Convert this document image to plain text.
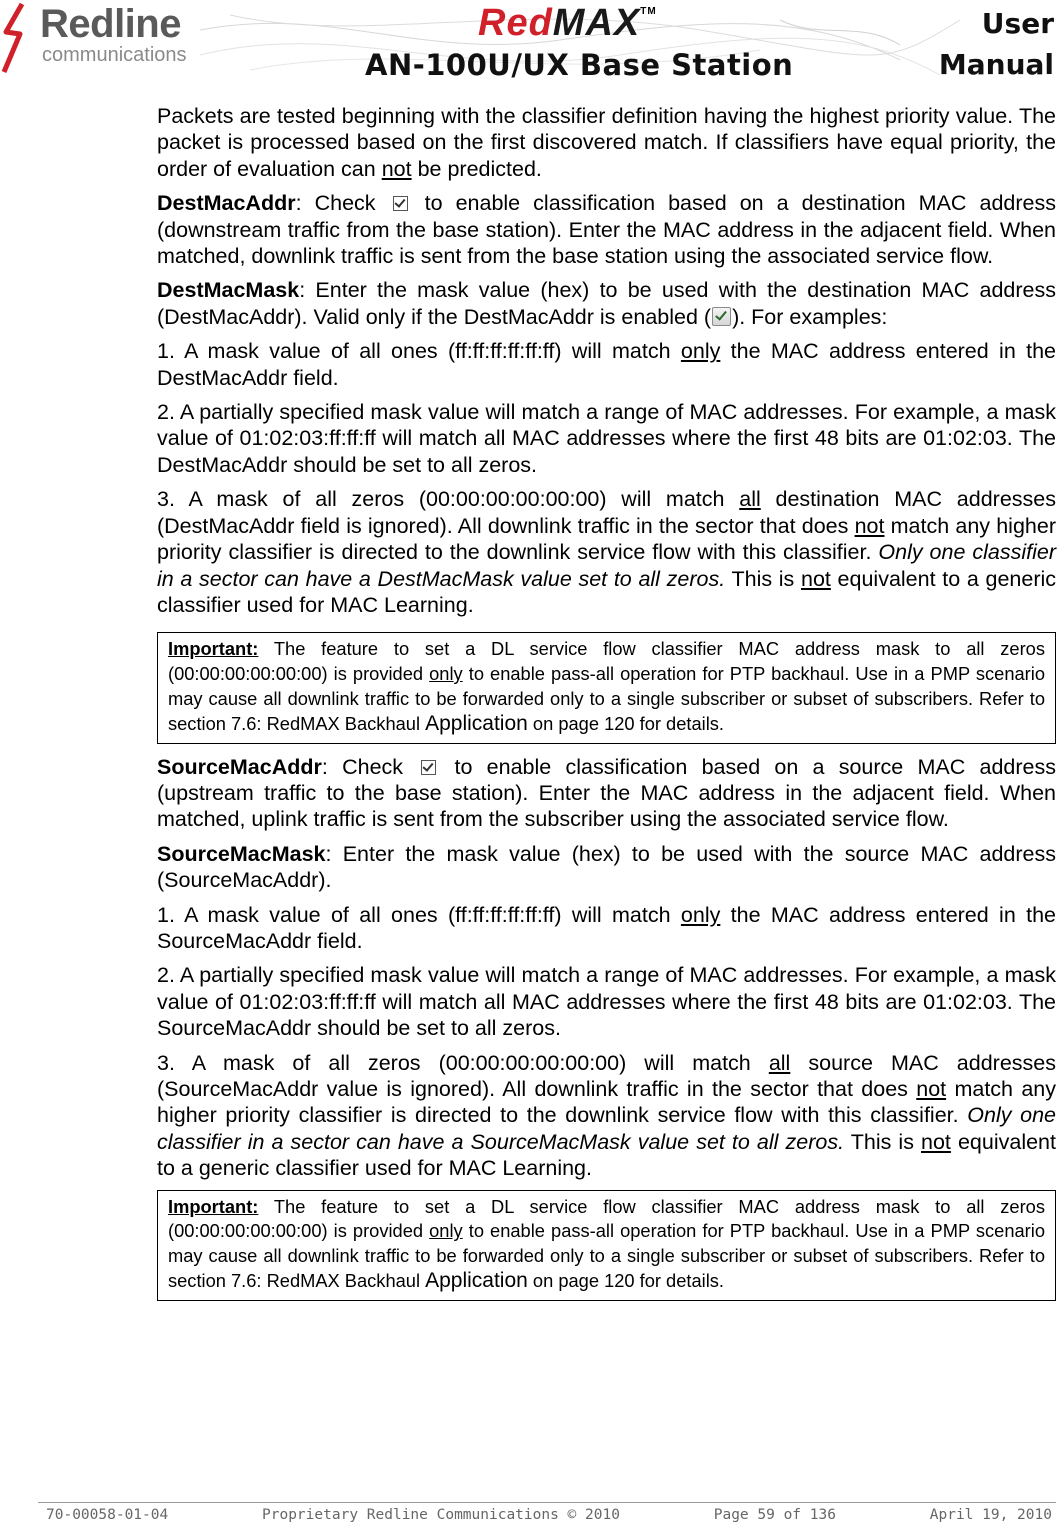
Redline
communications
RedMAX™
AN-100U/UX Base Station
User
Manual

Packets are tested beginning with the classifier definition having the highest priority value. The packet is processed based on the first discovered match. If classifiers have equal priority, the order of evaluation can not be predicted.

DestMacAddr: Check  to enable classification based on a destination MAC address (downstream traffic from the base station). Enter the MAC address in the adjacent field. When matched, downlink traffic is sent from the base station using the associated service flow.

DestMacMask: Enter the mask value (hex) to be used with the destination MAC address (DestMacAddr). Valid only if the DestMacAddr is enabled ( ). For examples:

1. A mask value of all ones (ff:ff:ff:ff:ff:ff) will match only the MAC address entered in the DestMacAddr field.

2. A partially specified mask value will match a range of MAC addresses. For example, a mask value of 01:02:03:ff:ff:ff will match all MAC addresses where the first 48 bits are 01:02:03. The DestMacAddr should be set to all zeros.

3. A mask of all zeros (00:00:00:00:00:00) will match all destination MAC addresses (DestMacAddr field is ignored). All downlink traffic in the sector that does not match any higher priority classifier is directed to the downlink service flow with this classifier. Only one classifier in a sector can have a DestMacMask value set to all zeros. This is not equivalent to a generic classifier used for MAC Learning.

Important: The feature to set a DL service flow classifier MAC address mask to all zeros (00:00:00:00:00:00) is provided only to enable pass-all operation for PTP backhaul. Use in a PMP scenario may cause all downlink traffic to be forwarded only to a single subscriber or subset of subscribers. Refer to section 7.6: RedMAX Backhaul Application on page 120 for details.

SourceMacAddr: Check  to enable classification based on a source MAC address (upstream traffic to the base station). Enter the MAC address in the adjacent field. When matched, uplink traffic is sent from the subscriber using the associated service flow.

SourceMacMask: Enter the mask value (hex) to be used with the source MAC address (SourceMacAddr).

1. A mask value of all ones (ff:ff:ff:ff:ff:ff) will match only the MAC address entered in the SourceMacAddr field.

2. A partially specified mask value will match a range of MAC addresses. For example, a mask value of 01:02:03:ff:ff:ff will match all MAC addresses where the first 48 bits are 01:02:03. The SourceMacAddr should be set to all zeros.

3. A mask of all zeros (00:00:00:00:00:00) will match all source MAC addresses (SourceMacAddr value is ignored). All downlink traffic in the sector that does not match any higher priority classifier is directed to the downlink service flow with this classifier. Only one classifier in a sector can have a SourceMacMask value set to all zeros. This is not equivalent to a generic classifier used for MAC Learning.

Important: The feature to set a DL service flow classifier MAC address mask to all zeros (00:00:00:00:00:00) is provided only to enable pass-all operation for PTP backhaul. Use in a PMP scenario may cause all downlink traffic to be forwarded only to a single subscriber or subset of subscribers. Refer to section 7.6: RedMAX Backhaul Application on page 120 for details.
70-00058-01-04	Proprietary Redline Communications © 2010	Page 59 of 136	April 19, 2010
